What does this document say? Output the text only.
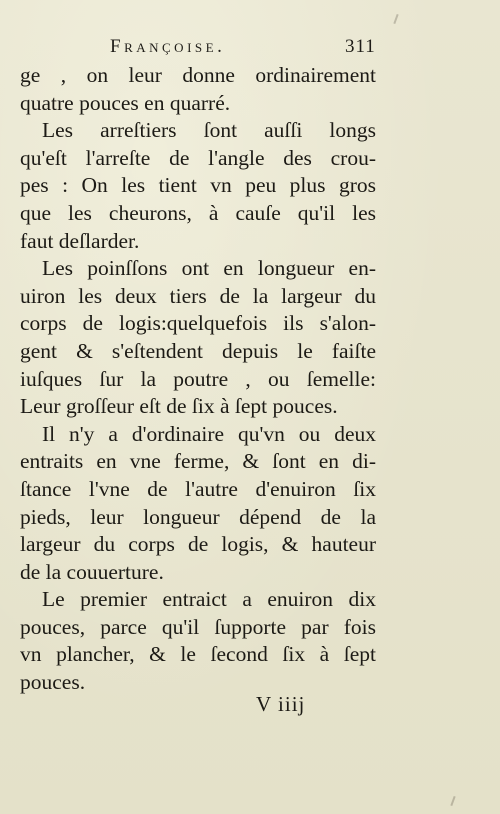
Françoise.	311

ge , on leur donne ordinairement
quatre pouces en quarré.

Les arreſtiers ſont auſſi longs
qu'eſt l'arreſte de l'angle des crou-
pes : On les tient vn peu plus gros
que les cheurons, à cauſe qu'il les
faut deſlarder.

Les poinſſons ont en longueur en-
uiron les deux tiers de la largeur du
corps de logis:quelquefois ils s'alon-
gent & s'eſtendent depuis le faiſte
iuſques ſur la poutre , ou ſemelle:
Leur groſſeur eſt de ſix à ſept pouces.

Il n'y a d'ordinaire qu'vn ou deux
entraits en vne ferme, & ſont en di-
ſtance l'vne de l'autre d'enuiron ſix
pieds, leur longueur dépend de la
largeur du corps de logis, & hauteur
de la couuerture.

Le premier entraict a enuiron dix
pouces, parce qu'il ſupporte par fois
vn plancher, & le ſecond ſix à ſept
pouces.

V iiij
